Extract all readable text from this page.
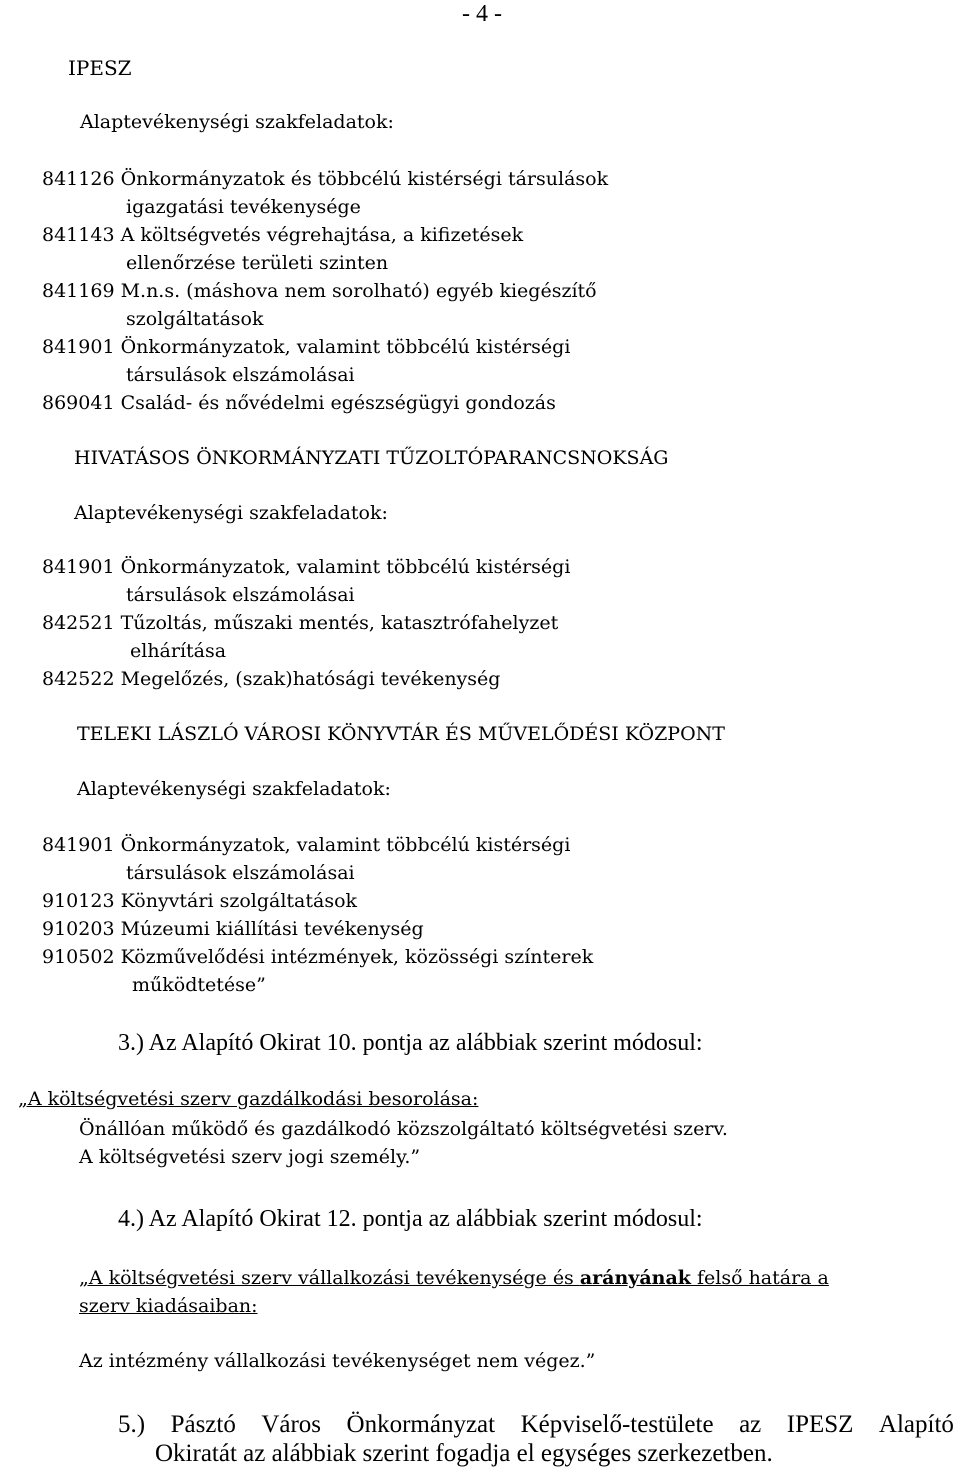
- 4 -
IPESZ
Alaptevékenységi szakfeladatok:
841126 Önkormányzatok és többcélú kistérségi társulások
igazgatási tevékenysége
841143 A költségvetés végrehajtása, a kifizetések
ellenőrzése területi szinten
841169 M.n.s. (máshova nem sorolható) egyéb kiegészítő
szolgáltatások
841901 Önkormányzatok, valamint többcélú kistérségi
társulások elszámolásai
869041 Család- és nővédelmi egészségügyi gondozás
HIVATÁSOS ÖNKORMÁNYZATI TŰZOLTÓPARANCSNOKSÁG
Alaptevékenységi szakfeladatok:
841901 Önkormányzatok, valamint többcélú kistérségi
társulások elszámolásai
842521 Tűzoltás, műszaki mentés, katasztrófahelyzet
elhárítása
842522 Megelőzés, (szak)hatósági tevékenység
TELEKI LÁSZLÓ VÁROSI KÖNYVTÁR ÉS MŰVELŐDÉSI KÖZPONT
Alaptevékenységi szakfeladatok:
841901 Önkormányzatok, valamint többcélú kistérségi
társulások elszámolásai
910123 Könyvtári szolgáltatások
910203 Múzeumi kiállítási tevékenység
910502 Közművelődési intézmények, közösségi színterek
működtetése”
3.) Az Alapító Okirat 10. pontja az alábbiak szerint módosul:
„A költségvetési szerv gazdálkodási besorolása:
Önállóan működő és gazdálkodó közszolgáltató költségvetési szerv.
A költségvetési szerv jogi személy.”
4.) Az Alapító Okirat 12. pontja az alábbiak szerint módosul:
„A költségvetési szerv vállalkozási tevékenysége és arányának felső határa a
szerv kiadásaiban:
Az intézmény vállalkozási tevékenységet nem végez.”
5.) Pásztó Város Önkormányzat Képviselő-testülete az IPESZ Alapító
Okiratát az alábbiak szerint fogadja el egységes szerkezetben.
